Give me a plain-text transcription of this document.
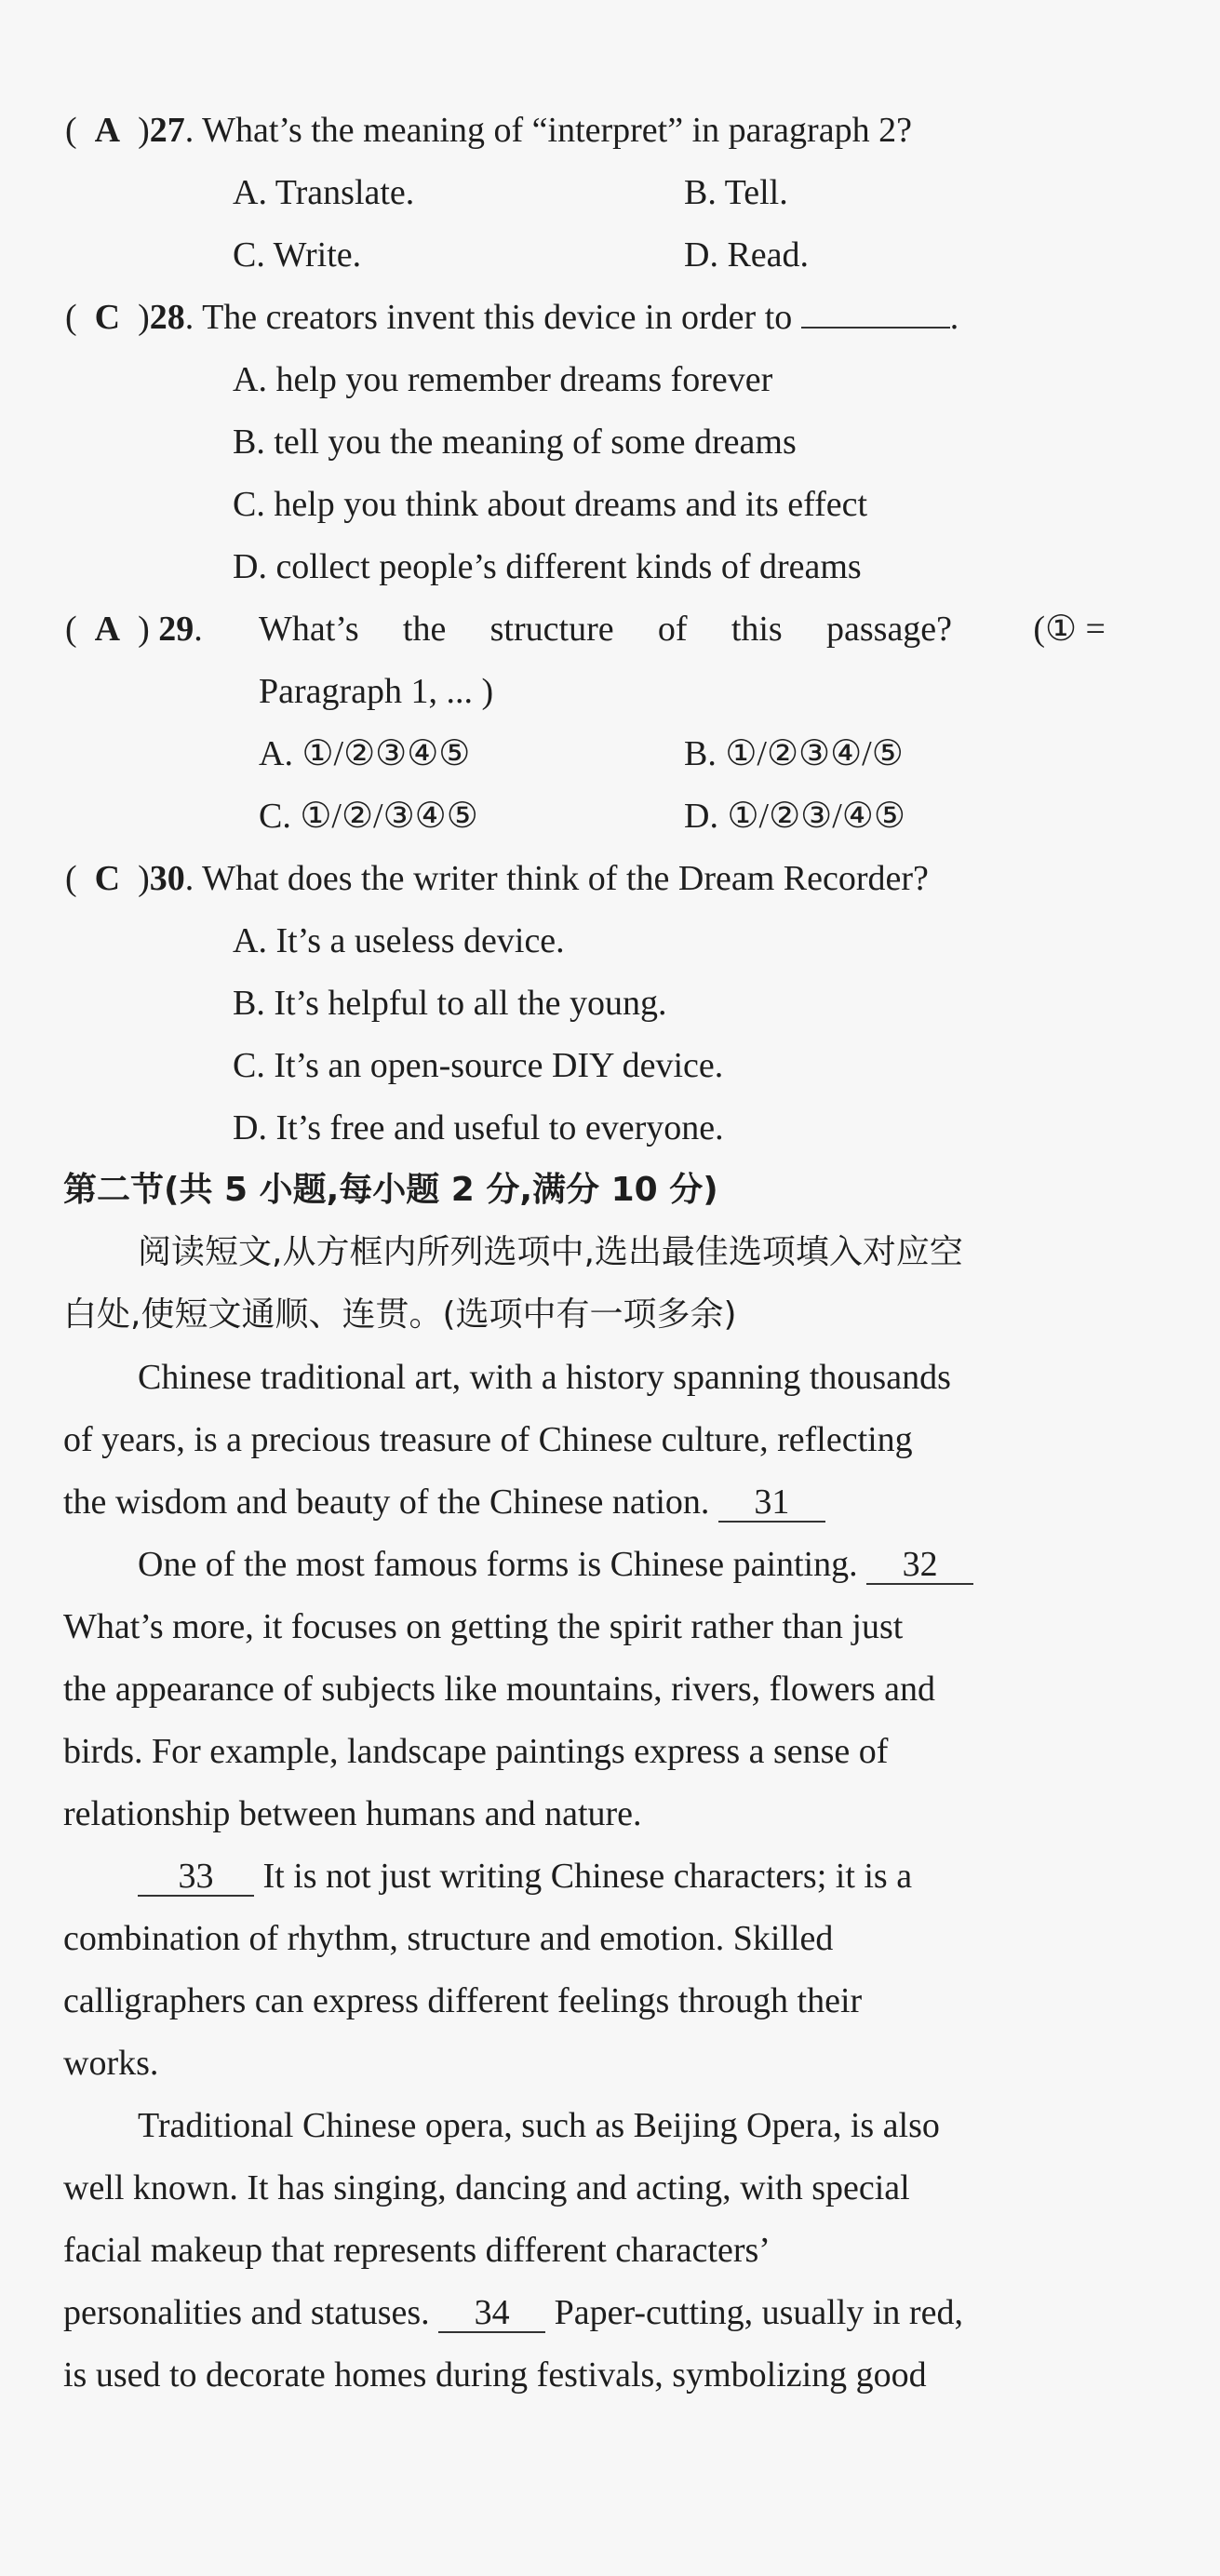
(  A  )27. What’s the meaning of “interpret” in paragraph 2?
A. Translate.	B. Tell.
C. Write.	D. Read.
(  C  )28. The creators invent this device in order to	.
A. help you remember dreams forever
B. tell you the meaning of some dreams
C. help you think about dreams and its effect
D. collect people’s different kinds of dreams
(  A  ) 29. What’s the structure of this passage? (① =
Paragraph 1, ... )
A. ①/②③④⑤	B. ①/②③④/⑤
C. ①/②/③④⑤	D. ①/②③/④⑤
(  C  )30. What does the writer think of the Dream Recorder?
A. It’s a useless device.
B. It’s helpful to all the young.
C. It’s an open-source DIY device.
D. It’s free and useful to everyone.
第二节(共 5 小题,每小题 2 分,满分 10 分)
阅读短文,从方框内所列选项中,选出最佳选项填入对应空
白处,使短文通顺、连贯。(选项中有一项多余)
Chinese traditional art, with a history spanning thousands
of years, is a precious treasure of Chinese culture, reflecting
the wisdom and beauty of the Chinese nation. 31
One of the most famous forms is Chinese painting. 32
What’s more, it focuses on getting the spirit rather than just
the appearance of subjects like mountains, rivers, flowers and
birds. For example, landscape paintings express a sense of
relationship between humans and nature.
33 It is not just writing Chinese characters; it is a
combination of rhythm, structure and emotion. Skilled
calligraphers can express different feelings through their
works.
Traditional Chinese opera, such as Beijing Opera, is also
well known. It has singing, dancing and acting, with special
facial makeup that represents different characters’
personalities and statuses. 34 Paper-cutting, usually in red,
is used to decorate homes during festivals, symbolizing good
